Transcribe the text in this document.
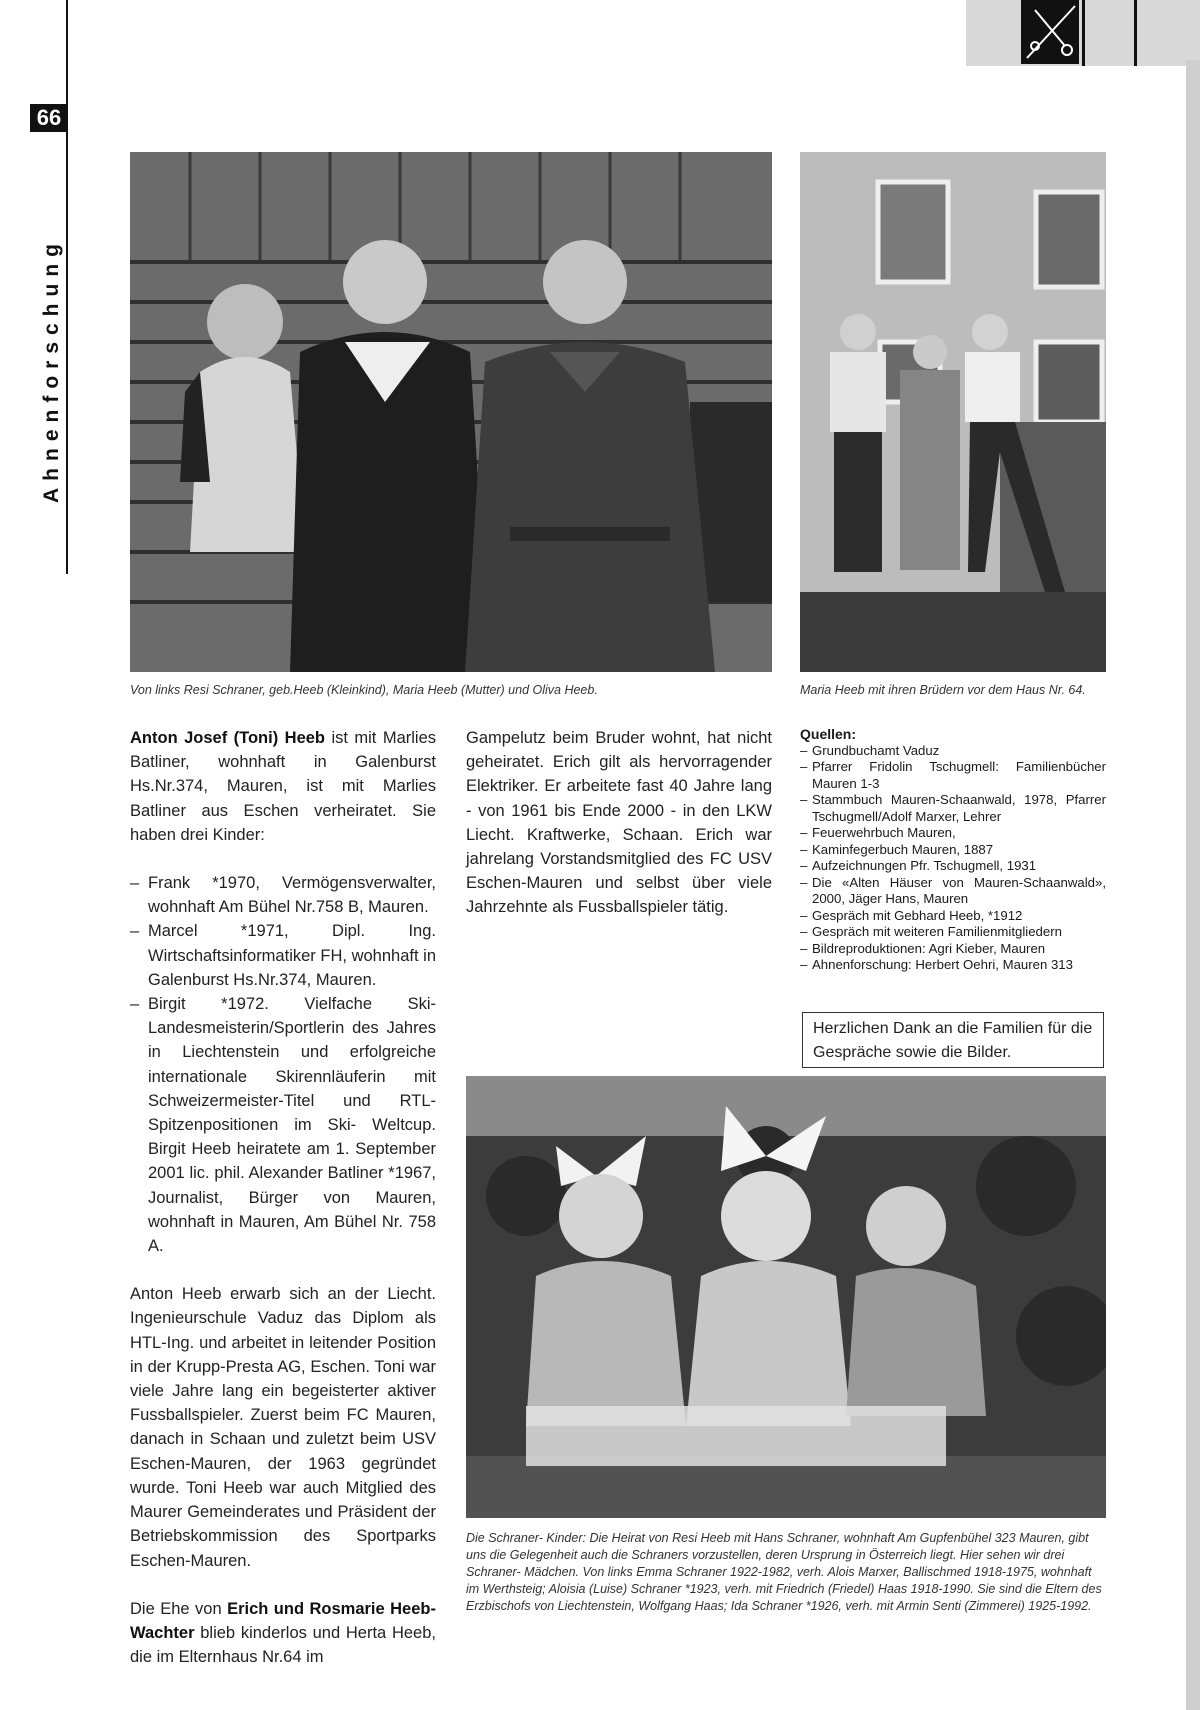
66
Ahnenforschung
Von links Resi Schraner, geb.Heeb (Kleinkind), Maria Heeb (Mutter) und Oliva Heeb.	Maria Heeb mit ihren Brüdern vor dem Haus Nr. 64.
Anton Josef (Toni) Heeb ist mit Marlies Batliner, wohnhaft in Galenburst Hs.Nr.374, Mauren, ist mit Marlies Batliner aus Eschen verheiratet. Sie haben drei Kinder:
– Frank *1970, Vermögensverwalter, wohnhaft Am Bühel Nr.758 B, Mauren.
– Marcel *1971, Dipl. Ing. Wirtschaftsinformatiker FH, wohnhaft in Galenburst Hs.Nr.374, Mauren.
– Birgit *1972. Vielfache Ski- Landesmeisterin/Sportlerin des Jahres in Liechtenstein und erfolgreiche internationale Skirennläuferin mit Schweizermeister-Titel und RTL- Spitzenpositionen im Ski- Weltcup. Birgit Heeb heiratete am 1. September 2001 lic. phil. Alexander Batliner *1967, Journalist, Bürger von Mauren, wohnhaft in Mauren, Am Bühel Nr. 758 A.
Anton Heeb erwarb sich an der Liecht. Ingenieurschule Vaduz das Diplom als HTL-Ing. und arbeitet in leitender Position in der Krupp-Presta AG, Eschen. Toni war viele Jahre lang ein begeisterter aktiver Fussballspieler. Zuerst beim FC Mauren, danach in Schaan und zuletzt beim USV Eschen-Mauren, der 1963 gegründet wurde. Toni Heeb war auch Mitglied des Maurer Gemeinderates und Präsident der Betriebskommission des Sportparks Eschen-Mauren.
Die Ehe von Erich und Rosmarie Heeb- Wachter blieb kinderlos und Herta Heeb, die im Elternhaus Nr.64 im
Gampelutz beim Bruder wohnt, hat nicht geheiratet. Erich gilt als hervorragender Elektriker. Er arbeitete fast 40 Jahre lang - von 1961 bis Ende 2000 - in den LKW Liecht. Kraftwerke, Schaan. Erich war jahrelang Vorstandsmitglied des FC USV Eschen-Mauren und selbst über viele Jahrzehnte als Fussballspieler tätig.
Quellen:
– Grundbuchamt Vaduz
– Pfarrer Fridolin Tschugmell: Familienbücher Mauren 1-3
– Stammbuch Mauren-Schaanwald, 1978, Pfarrer Tschugmell/Adolf Marxer, Lehrer
– Feuerwehrbuch Mauren,
– Kaminfegerbuch Mauren, 1887
– Aufzeichnungen Pfr. Tschugmell, 1931
– Die «Alten Häuser von Mauren-Schaanwald», 2000, Jäger Hans, Mauren
– Gespräch mit Gebhard Heeb, *1912
– Gespräch mit weiteren Familienmitgliedern
– Bildreproduktionen: Agri Kieber, Mauren
– Ahnenforschung: Herbert Oehri, Mauren 313
Herzlichen Dank an die Familien für die Gespräche sowie die Bilder.
Die Schraner- Kinder: Die Heirat von Resi Heeb mit Hans Schraner, wohnhaft Am Gupfenbühel 323 Mauren, gibt uns die Gelegenheit auch die Schraners vorzustellen, deren Ursprung in Österreich liegt. Hier sehen wir drei Schraner- Mädchen. Von links Emma Schraner 1922-1982, verh. Alois Marxer, Ballischmed 1918-1975, wohnhaft im Werthsteig; Aloisia (Luise) Schraner *1923, verh. mit Friedrich (Friedel) Haas 1918-1990. Sie sind die Eltern des Erzbischofs von Liechtenstein, Wolfgang Haas; Ida Schraner *1926, verh. mit Armin Senti (Zimmerei) 1925-1992.
